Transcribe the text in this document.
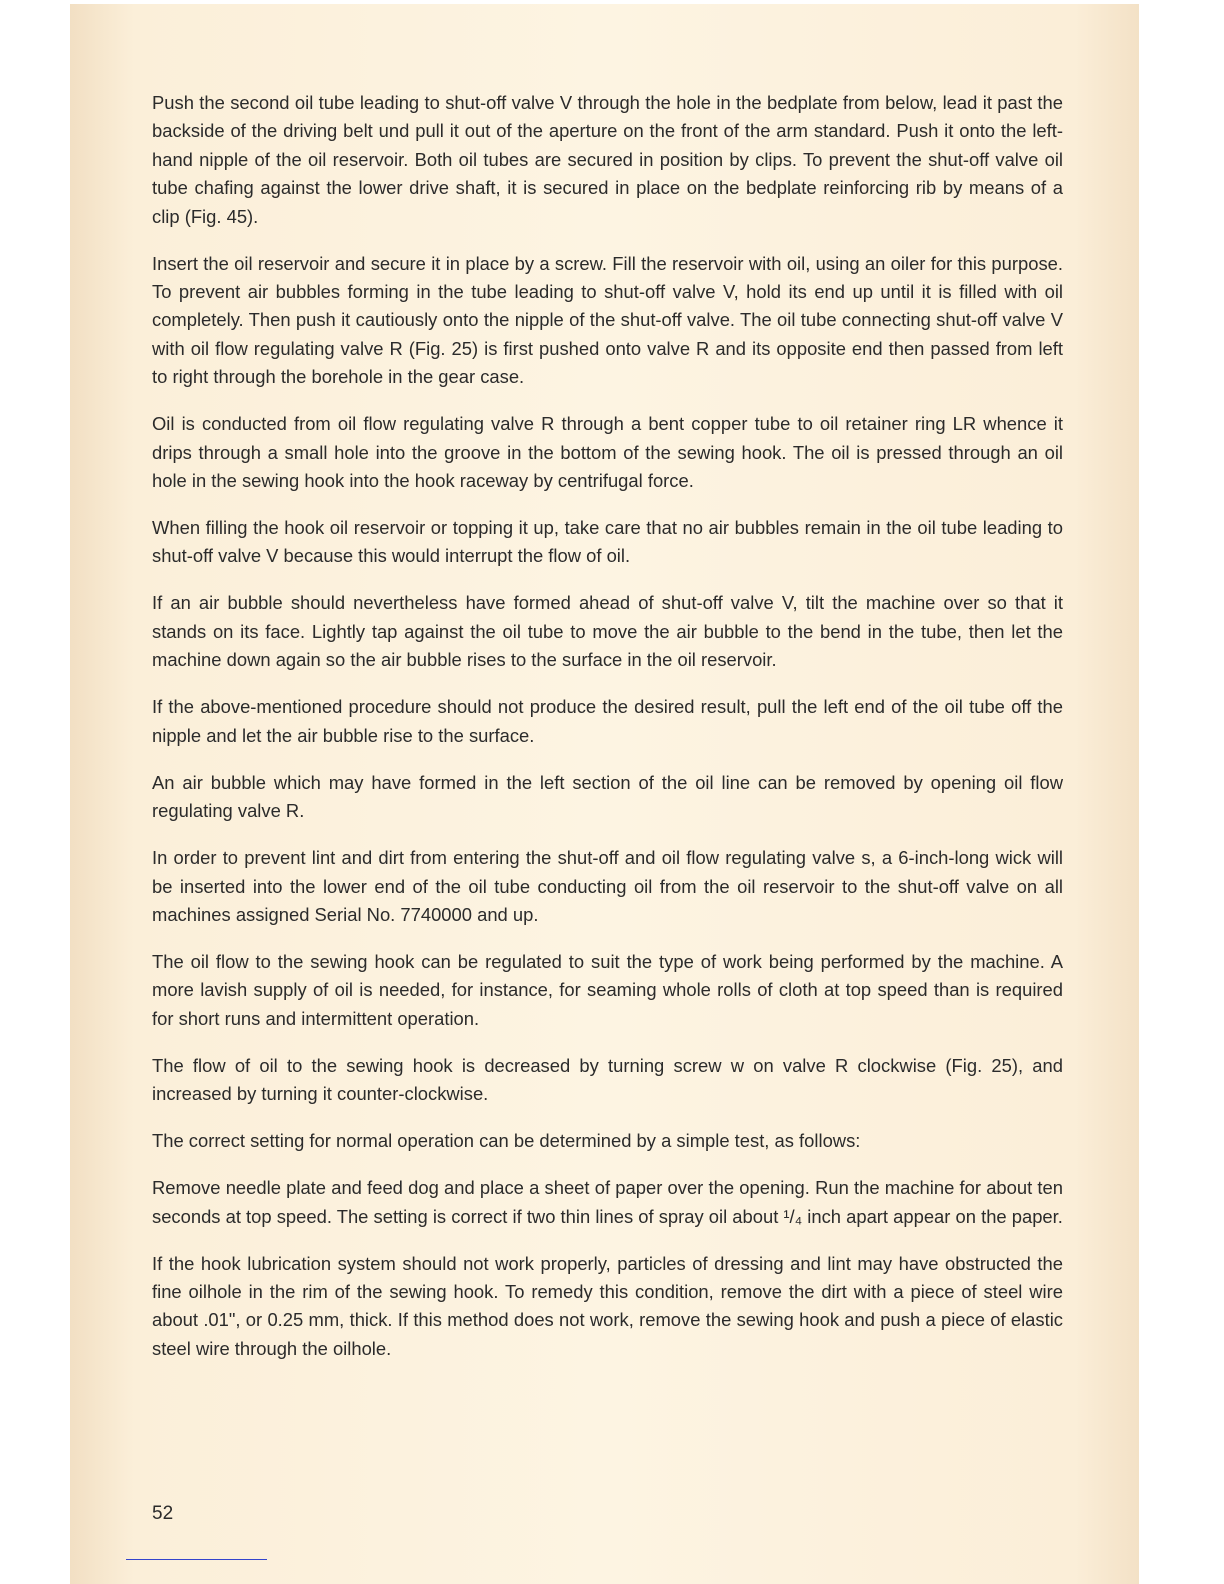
Push the second oil tube leading to shut-off valve V through the hole in the bedplate from below, lead it past the backside of the driving belt und pull it out of the aperture on the front of the arm standard. Push it onto the left-hand nipple of the oil reservoir. Both oil tubes are secured in position by clips. To prevent the shut-off valve oil tube chafing against the lower drive shaft, it is secured in place on the bedplate reinforcing rib by means of a clip (Fig. 45).

Insert the oil reservoir and secure it in place by a screw. Fill the reservoir with oil, using an oiler for this purpose. To prevent air bubbles forming in the tube leading to shut-off valve V, hold its end up until it is filled with oil completely. Then push it cautiously onto the nipple of the shut-off valve. The oil tube connecting shut-off valve V with oil flow regulating valve R (Fig. 25) is first pushed onto valve R and its opposite end then passed from left to right through the borehole in the gear case.

Oil is conducted from oil flow regulating valve R through a bent copper tube to oil retainer ring LR whence it drips through a small hole into the groove in the bottom of the sewing hook. The oil is pressed through an oil hole in the sewing hook into the hook raceway by centrifugal force.

When filling the hook oil reservoir or topping it up, take care that no air bubbles remain in the oil tube leading to shut-off valve V because this would interrupt the flow of oil.

If an air bubble should nevertheless have formed ahead of shut-off valve V, tilt the machine over so that it stands on its face. Lightly tap against the oil tube to move the air bubble to the bend in the tube, then let the machine down again so the air bubble rises to the surface in the oil reservoir.

If the above-mentioned procedure should not produce the desired result, pull the left end of the oil tube off the nipple and let the air bubble rise to the surface.

An air bubble which may have formed in the left section of the oil line can be removed by opening oil flow regulating valve R.

In order to prevent lint and dirt from entering the shut-off and oil flow regulating valve s, a 6-inch-long wick will be inserted into the lower end of the oil tube conducting oil from the oil reservoir to the shut-off valve on all machines assigned Serial No. 7740000 and up.

The oil flow to the sewing hook can be regulated to suit the type of work being performed by the machine. A more lavish supply of oil is needed, for instance, for seaming whole rolls of cloth at top speed than is required for short runs and intermittent operation.

The flow of oil to the sewing hook is decreased by turning screw w on valve R clockwise (Fig. 25), and increased by turning it counter-clockwise.

The correct setting for normal operation can be determined by a simple test, as follows:

Remove needle plate and feed dog and place a sheet of paper over the opening. Run the machine for about ten seconds at top speed. The setting is correct if two thin lines of spray oil about ¹/₄ inch apart appear on the paper.

If the hook lubrication system should not work properly, particles of dressing and lint may have obstructed the fine oilhole in the rim of the sewing hook. To remedy this condition, remove the dirt with a piece of steel wire about .01", or 0.25 mm, thick. If this method does not work, remove the sewing hook and push a piece of elastic steel wire through the oilhole.

52
